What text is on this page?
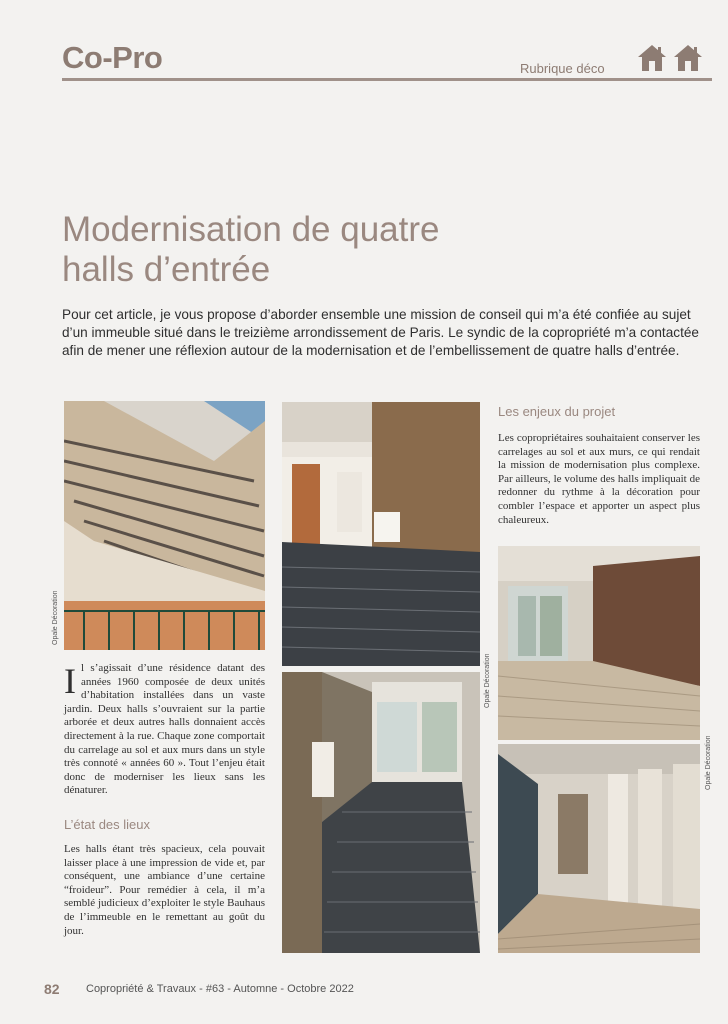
Co-Pro	Rubrique déco
Modernisation de quatre
halls d’entrée

Pour cet article, je vous propose d’aborder ensemble une mission de conseil qui m’a été confiée au sujet d’un immeuble situé dans le treizième arrondissement de Paris. Le syndic de la copropriété m’a contactée afin de mener une réflexion autour de la modernisation et de l’embellissement de quatre halls d’entrée.

Opale Décoration
Opale Décoration
I l s’agissait d’une résidence datant des années 1960 composée de deux unités d’habitation installées dans un vaste jardin. Deux halls s’ouvraient sur la partie arborée et deux autres halls donnaient accès directement à la rue. Chaque zone comportait du carrelage au sol et aux murs dans un style très connoté « années 60 ». Tout l’enjeu était donc de moderniser les lieux sans les dénaturer.
L’état des lieux

Les halls étant très spacieux, cela pouvait laisser place à une impression de vide et, par conséquent, une ambiance d’une certaine “froideur”. Pour remédier à cela, il m’a semblé judicieux d’exploiter le style Bauhaus de l’immeuble en le remettant au goût du jour.

Les enjeux du projet

Les copropriétaires souhaitaient conserver les carrelages au sol et aux murs, ce qui rendait la mission de modernisation plus complexe. Par ailleurs, le volume des halls impliquait de redonner du rythme à la décoration pour combler l’espace et apporter un aspect plus chaleureux.

Opale Décoration
82 Copropriété & Travaux - #63 - Automne - Octobre 2022
